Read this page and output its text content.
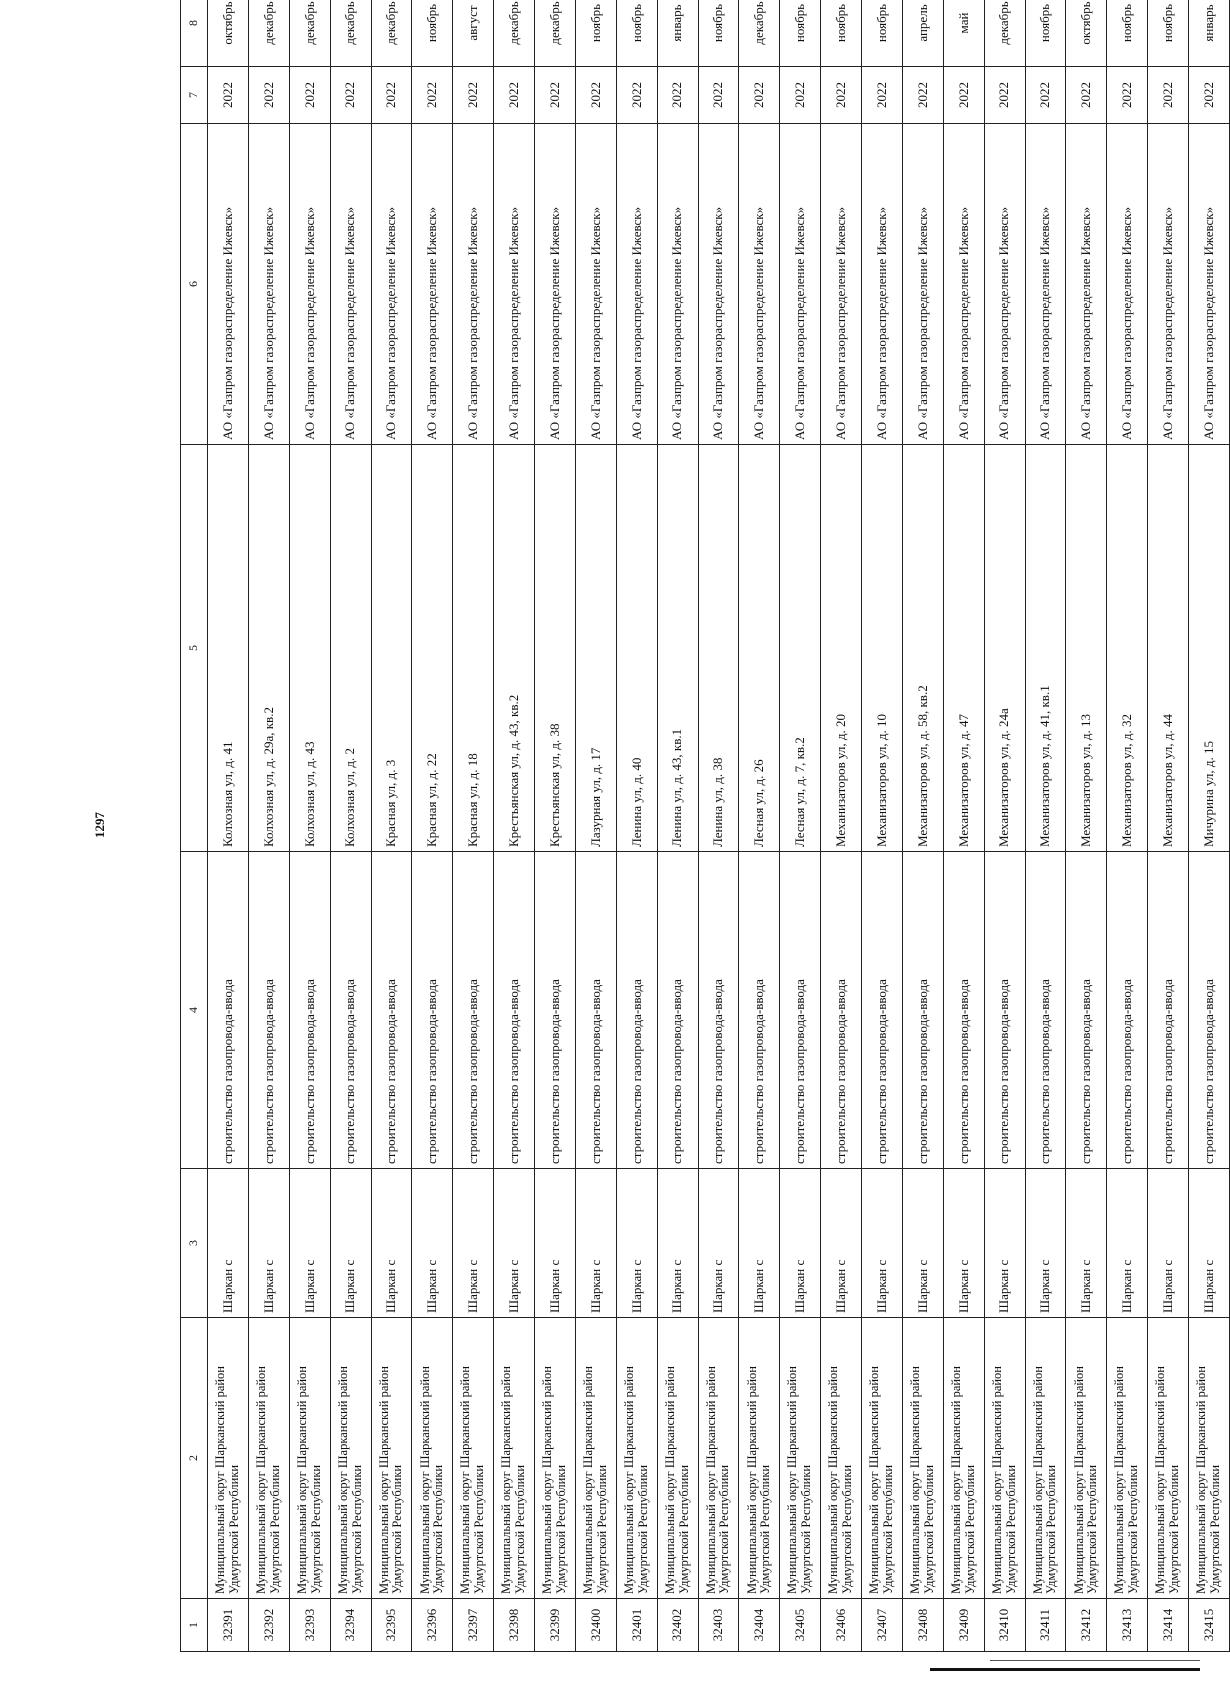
1297
1	2	3	4	5	6	7	8
32391	Муниципальный округ Шарканский район Удмуртской Республики	Шаркан с	строительство газопровода-ввода	Колхозная ул, д. 41	АО «Газпром газораспределение Ижевск»	2022	октябрь
32392	Муниципальный округ Шарканский район Удмуртской Республики	Шаркан с	строительство газопровода-ввода	Колхозная ул, д. 29а, кв.2	АО «Газпром газораспределение Ижевск»	2022	декабрь
32393	Муниципальный округ Шарканский район Удмуртской Республики	Шаркан с	строительство газопровода-ввода	Колхозная ул, д. 43	АО «Газпром газораспределение Ижевск»	2022	декабрь
32394	Муниципальный округ Шарканский район Удмуртской Республики	Шаркан с	строительство газопровода-ввода	Колхозная ул, д. 2	АО «Газпром газораспределение Ижевск»	2022	декабрь
32395	Муниципальный округ Шарканский район Удмуртской Республики	Шаркан с	строительство газопровода-ввода	Красная ул, д. 3	АО «Газпром газораспределение Ижевск»	2022	декабрь
32396	Муниципальный округ Шарканский район Удмуртской Республики	Шаркан с	строительство газопровода-ввода	Красная ул, д. 22	АО «Газпром газораспределение Ижевск»	2022	ноябрь
32397	Муниципальный округ Шарканский район Удмуртской Республики	Шаркан с	строительство газопровода-ввода	Красная ул, д. 18	АО «Газпром газораспределение Ижевск»	2022	август
32398	Муниципальный округ Шарканский район Удмуртской Республики	Шаркан с	строительство газопровода-ввода	Крестьянская ул, д. 43, кв.2	АО «Газпром газораспределение Ижевск»	2022	декабрь
32399	Муниципальный округ Шарканский район Удмуртской Республики	Шаркан с	строительство газопровода-ввода	Крестьянская ул, д. 38	АО «Газпром газораспределение Ижевск»	2022	декабрь
32400	Муниципальный округ Шарканский район Удмуртской Республики	Шаркан с	строительство газопровода-ввода	Лазурная ул, д. 17	АО «Газпром газораспределение Ижевск»	2022	ноябрь
32401	Муниципальный округ Шарканский район Удмуртской Республики	Шаркан с	строительство газопровода-ввода	Ленина ул, д. 40	АО «Газпром газораспределение Ижевск»	2022	ноябрь
32402	Муниципальный округ Шарканский район Удмуртской Республики	Шаркан с	строительство газопровода-ввода	Ленина ул, д. 43, кв.1	АО «Газпром газораспределение Ижевск»	2022	январь
32403	Муниципальный округ Шарканский район Удмуртской Республики	Шаркан с	строительство газопровода-ввода	Ленина ул, д. 38	АО «Газпром газораспределение Ижевск»	2022	ноябрь
32404	Муниципальный округ Шарканский район Удмуртской Республики	Шаркан с	строительство газопровода-ввода	Лесная ул, д. 26	АО «Газпром газораспределение Ижевск»	2022	декабрь
32405	Муниципальный округ Шарканский район Удмуртской Республики	Шаркан с	строительство газопровода-ввода	Лесная ул, д. 7, кв.2	АО «Газпром газораспределение Ижевск»	2022	ноябрь
32406	Муниципальный округ Шарканский район Удмуртской Республики	Шаркан с	строительство газопровода-ввода	Механизаторов ул, д. 20	АО «Газпром газораспределение Ижевск»	2022	ноябрь
32407	Муниципальный округ Шарканский район Удмуртской Республики	Шаркан с	строительство газопровода-ввода	Механизаторов ул, д. 10	АО «Газпром газораспределение Ижевск»	2022	ноябрь
32408	Муниципальный округ Шарканский район Удмуртской Республики	Шаркан с	строительство газопровода-ввода	Механизаторов ул, д. 58, кв.2	АО «Газпром газораспределение Ижевск»	2022	апрель
32409	Муниципальный округ Шарканский район Удмуртской Республики	Шаркан с	строительство газопровода-ввода	Механизаторов ул, д. 47	АО «Газпром газораспределение Ижевск»	2022	май
32410	Муниципальный округ Шарканский район Удмуртской Республики	Шаркан с	строительство газопровода-ввода	Механизаторов ул, д. 24а	АО «Газпром газораспределение Ижевск»	2022	декабрь
32411	Муниципальный округ Шарканский район Удмуртской Республики	Шаркан с	строительство газопровода-ввода	Механизаторов ул, д. 41, кв.1	АО «Газпром газораспределение Ижевск»	2022	ноябрь
32412	Муниципальный округ Шарканский район Удмуртской Республики	Шаркан с	строительство газопровода-ввода	Механизаторов ул, д. 13	АО «Газпром газораспределение Ижевск»	2022	октябрь
32413	Муниципальный округ Шарканский район Удмуртской Республики	Шаркан с	строительство газопровода-ввода	Механизаторов ул, д. 32	АО «Газпром газораспределение Ижевск»	2022	ноябрь
32414	Муниципальный округ Шарканский район Удмуртской Республики	Шаркан с	строительство газопровода-ввода	Механизаторов ул, д. 44	АО «Газпром газораспределение Ижевск»	2022	ноябрь
32415	Муниципальный округ Шарканский район Удмуртской Республики	Шаркан с	строительство газопровода-ввода	Мичурина ул, д. 15	АО «Газпром газораспределение Ижевск»	2022	январь
